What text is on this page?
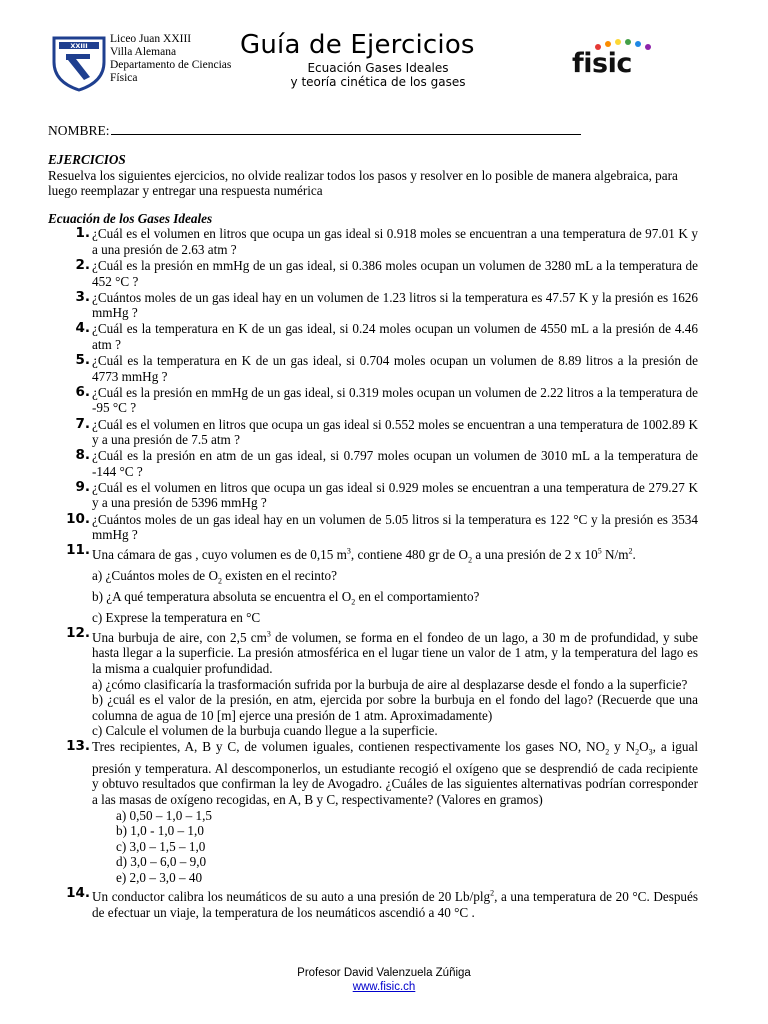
XXIII
Liceo Juan XXIII
Villa Alemana
Departamento de Ciencias
Física
Guía de Ejercicios
Ecuación Gases Ideales
y teoría cinética de los gases
fisic
NOMBRE:
EJERCICIOS

Resuelva los siguientes ejercicios, no olvide realizar todos los pasos y resolver en lo posible de manera algebraica, para luego reemplazar y entregar una respuesta numérica

Ecuación de los Gases Ideales
1. ¿Cuál es el volumen en litros que ocupa un gas ideal si 0.918 moles se encuentran a una temperatura de 97.01 K y a una presión de 2.63 atm ?
2. ¿Cuál es la presión en mmHg de un gas ideal, si 0.386 moles ocupan un volumen de 3280 mL a la temperatura de 452 °C ?
3. ¿Cuántos moles de un gas ideal hay en un volumen de 1.23 litros si la temperatura es 47.57 K y la presión es 1626 mmHg ?
4. ¿Cuál es la temperatura en K de un gas ideal, si 0.24 moles ocupan un volumen de 4550 mL a la presión de 4.46 atm ?
5. ¿Cuál es la temperatura en K de un gas ideal, si 0.704 moles ocupan un volumen de 8.89 litros a la presión de 4773 mmHg ?
6. ¿Cuál es la presión en mmHg de un gas ideal, si 0.319 moles ocupan un volumen de 2.22 litros a la temperatura de -95 °C ?
7. ¿Cuál es el volumen en litros que ocupa un gas ideal si 0.552 moles se encuentran a una temperatura de 1002.89 K y a una presión de 7.5 atm ?
8. ¿Cuál es la presión en atm de un gas ideal, si 0.797 moles ocupan un volumen de 3010 mL a la temperatura de -144 °C ?
9. ¿Cuál es el volumen en litros que ocupa un gas ideal si 0.929 moles se encuentran a una temperatura de 279.27 K y a una presión de 5396 mmHg ?
10. ¿Cuántos moles de un gas ideal hay en un volumen de 5.05 litros si la temperatura es 122 °C y la presión es 3534 mmHg ?
11. Una cámara de gas , cuyo volumen es de 0,15 $m^3$, contiene 480 gr de $O_2$ a una presión de 2 x $10^5$ $N/m^2$.
a) ¿Cuántos moles de $O_2$ existen en el recinto?
b) ¿A qué temperatura absoluta se encuentra el $O_2$ en el comportamiento?
c) Exprese la temperatura en °C
12. Una burbuja de aire, con 2,5 $cm^3$ de volumen, se forma en el fondeo de un lago, a 30 m de profundidad, y sube hasta llegar a la superficie. La presión atmosférica en el lugar tiene un valor de 1 atm, y la temperatura del lago es la misma a cualquier profundidad.
a) ¿cómo clasificaría la trasformación sufrida por la burbuja de aire al desplazarse desde el fondo a la superficie?
b) ¿cuál es el valor de la presión, en atm, ejercida por sobre la burbuja en el fondo del lago? (Recuerde que una columna de agua de 10 [m] ejerce una presión de 1 atm. Aproximadamente)
c) Calcule el volumen de la burbuja cuando llegue a la superficie.
13. Tres recipientes, A, B y C, de volumen iguales, contienen respectivamente los gases NO, $NO_2$ y $N_2O_3$, a igual presión y temperatura. Al descomponerlos, un estudiante recogió el oxígeno que se desprendió de cada recipiente y obtuvo resultados que confirman la ley de Avogadro. ¿Cuáles de las siguientes alternativas podrían corresponder a las masas de oxígeno recogidas, en A, B y C, respectivamente? (Valores en gramos)
a) 0,50 – 1,0 – 1,5
b) 1,0 - 1,0 – 1,0
c) 3,0 – 1,5 – 1,0
d) 3,0 – 6,0 – 9,0
e) 2,0 – 3,0 – 40
14. Un conductor calibra los neumáticos de su auto a una presión de 20 Lb/plg$^2$, a una temperatura de 20 °C. Después de efectuar un viaje, la temperatura de los neumáticos ascendió a 40 °C .
Profesor David Valenzuela Zúñiga
www.fisic.ch
